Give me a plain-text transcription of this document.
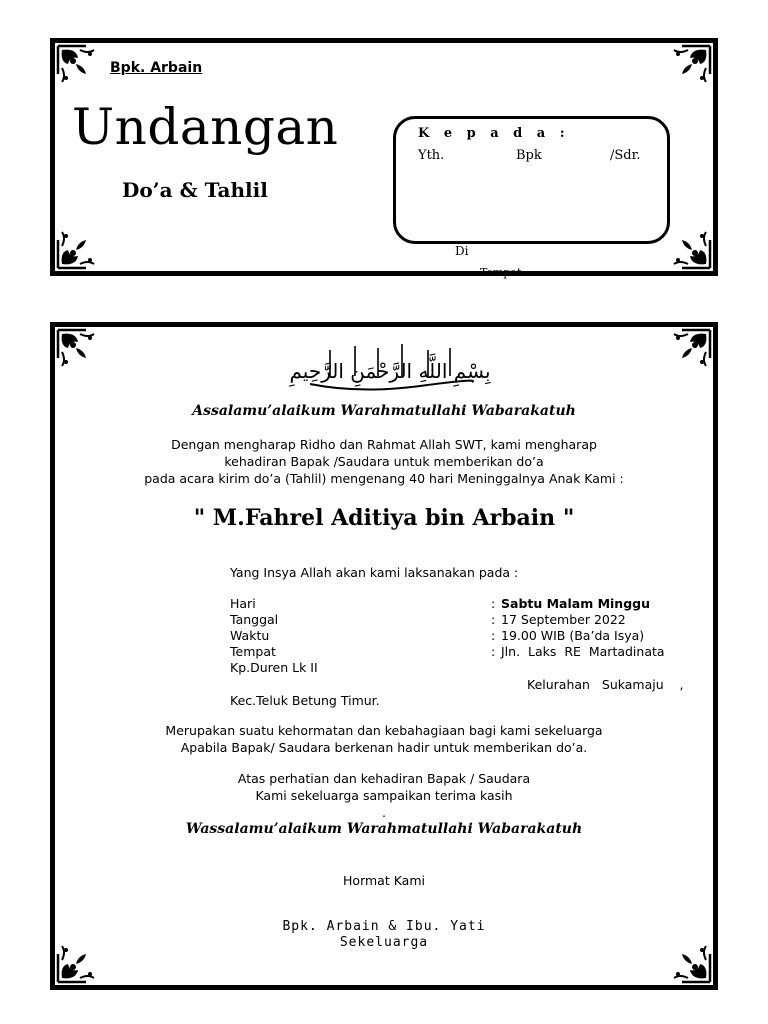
Bpk. Arbain
Undangan
Do’a & Tahlil
K e p a d a :
Yth.	Bpk	/Sdr.
Di
Tempat.
بِسْمِ اللَّهِ الرَّحْمَنِ الرَّحِيمِ
Assalamu’alaikum Warahmatullahi Wabarakatuh
Dengan mengharap Ridho dan Rahmat Allah SWT, kami mengharap
kehadiran Bapak /Saudara untuk memberikan do’a
pada acara kirim do’a (Tahlil) mengenang 40 hari Meninggalnya Anak Kami :
" M.Fahrel Aditiya bin Arbain "
Yang Insya Allah akan kami laksanakan pada :
Hari	: Sabtu Malam Minggu
Tanggal	: 17 September 2022
Waktu	: 19.00 WIB (Ba’da Isya)
Tempat	: Jln.  Laks  RE  Martadinata
Kp.Duren Lk II
Kelurahan   Sukamaju    ,
Kec.Teluk Betung Timur.
Merupakan suatu kehormatan dan kebahagiaan bagi kami sekeluarga
Apabila Bapak/ Saudara berkenan hadir untuk memberikan do’a.
Atas perhatian dan kehadiran Bapak / Saudara
Kami sekeluarga sampaikan terima kasih
.
Wassalamu’alaikum Warahmatullahi Wabarakatuh
Hormat Kami
Bpk. Arbain & Ibu. Yati
Sekeluarga
